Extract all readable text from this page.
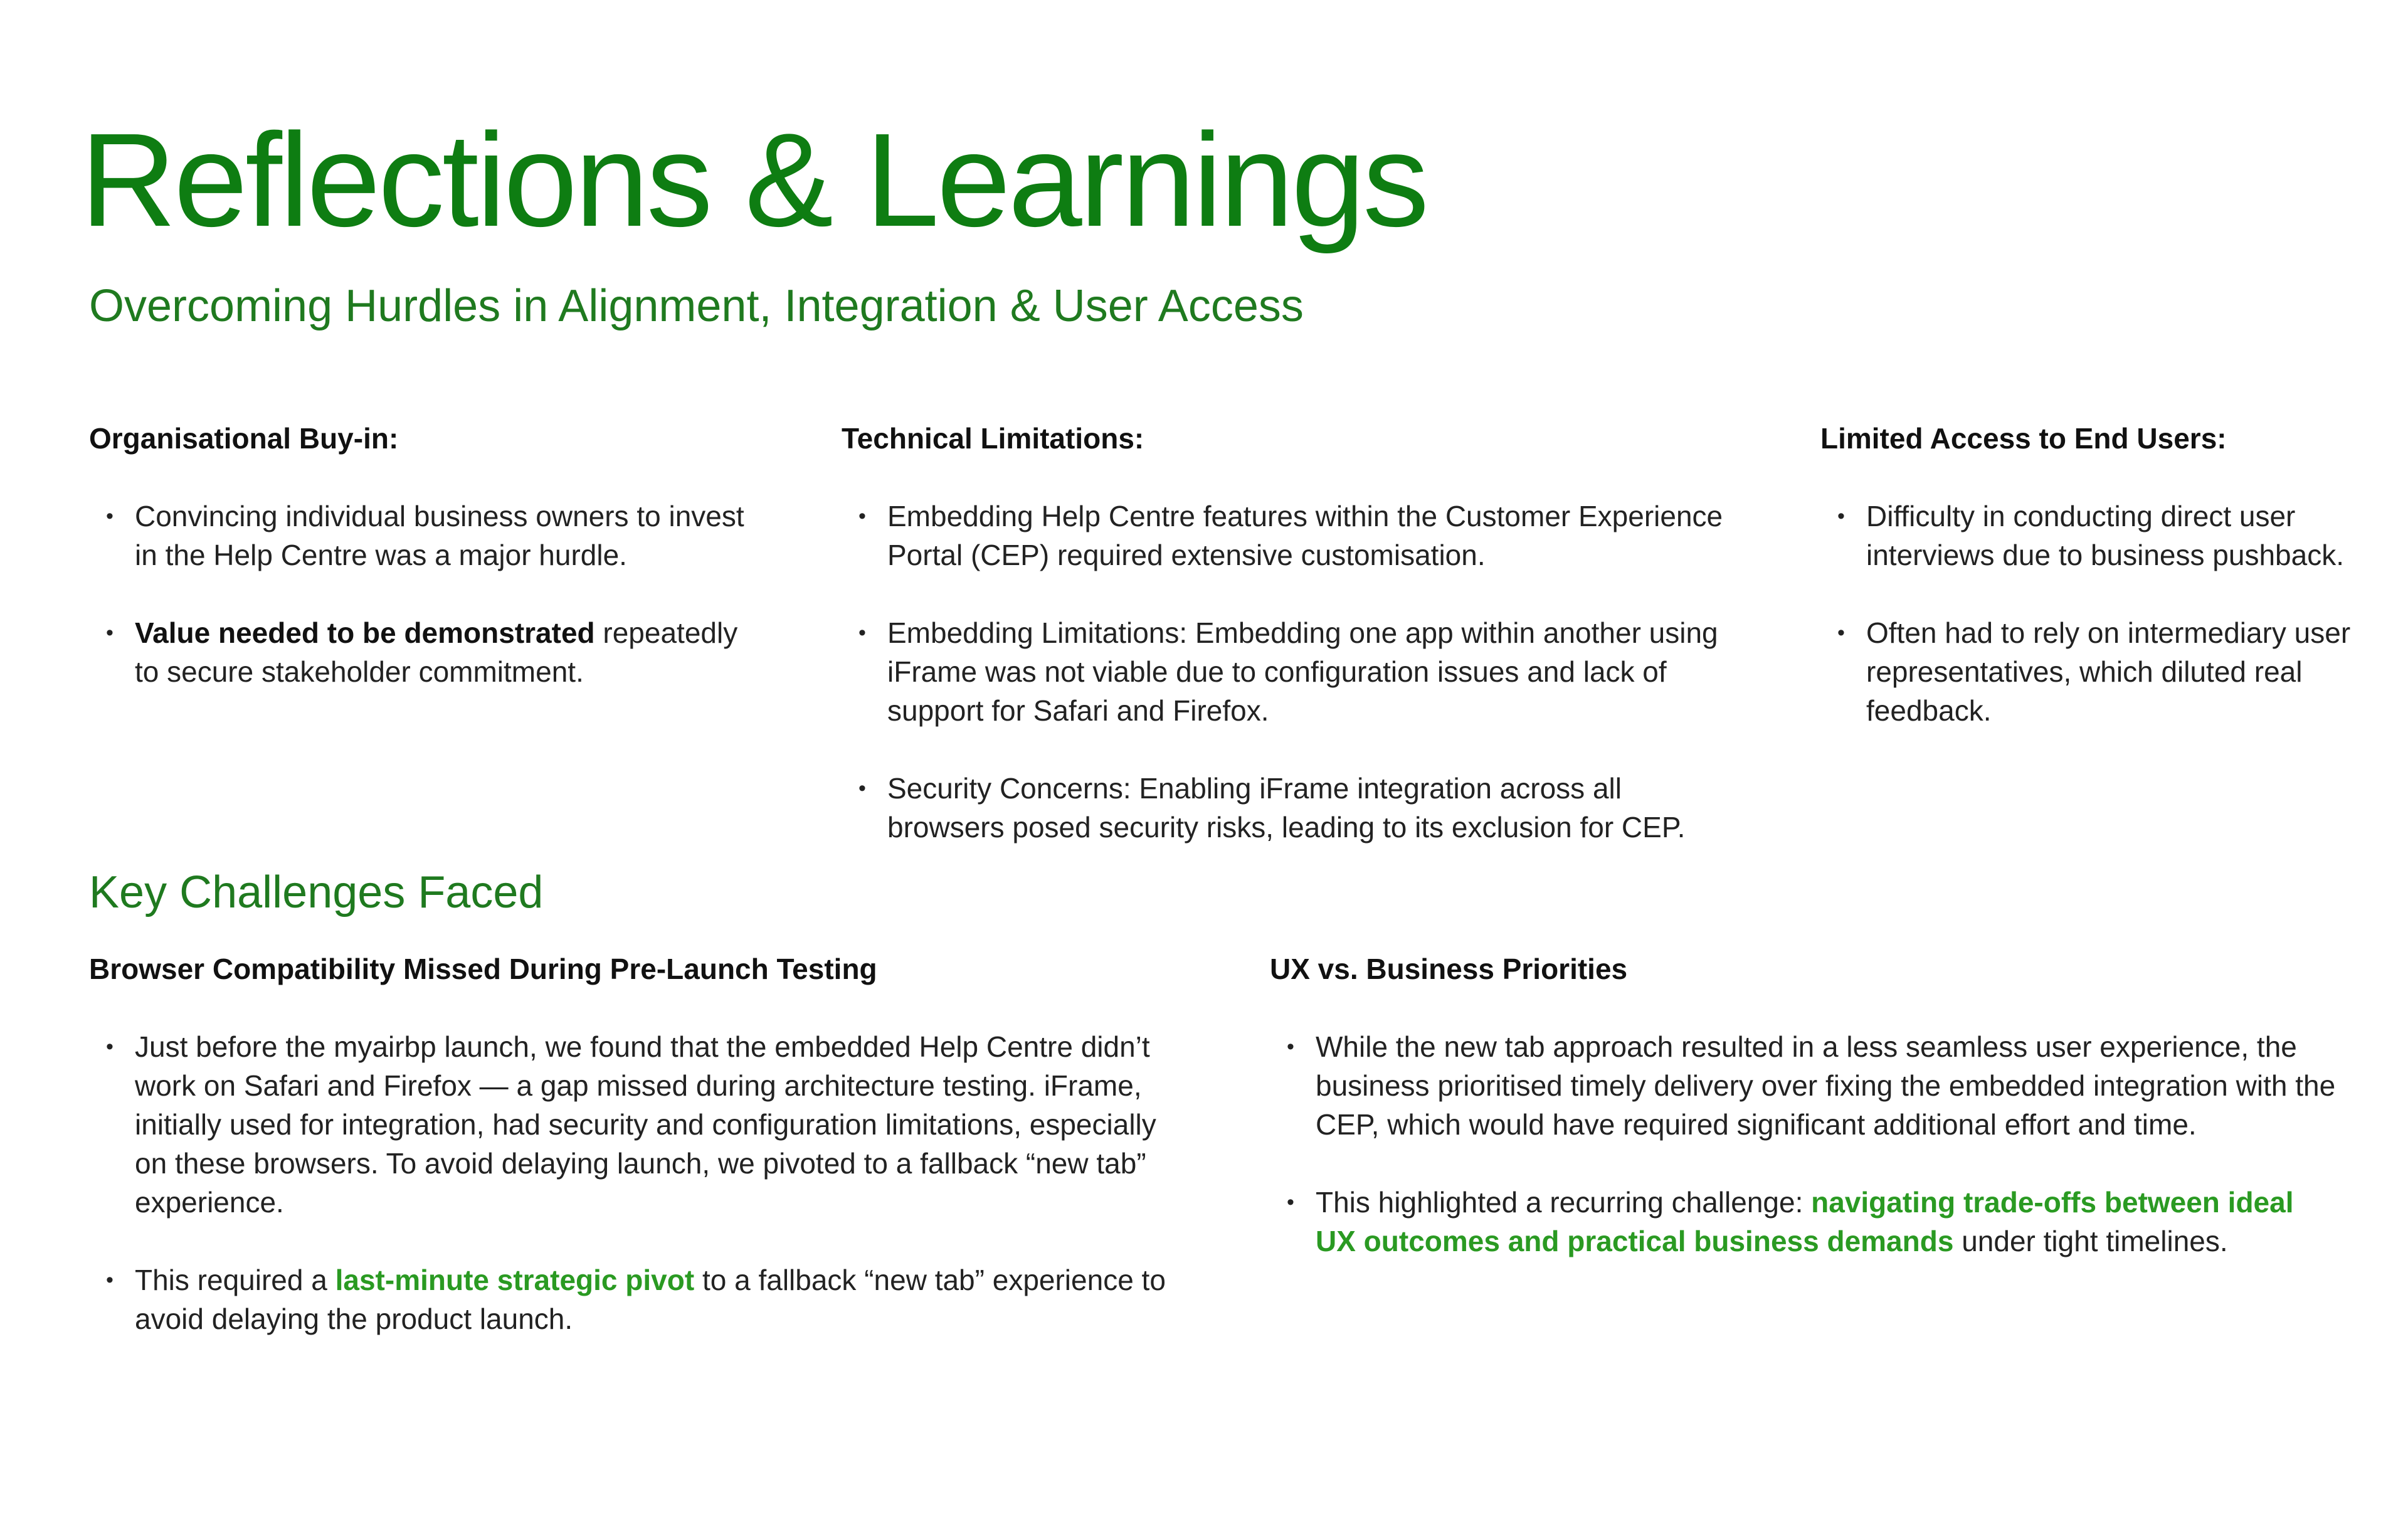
Reflections & Learnings
Overcoming Hurdles in Alignment, Integration & User Access
Organisational Buy-in:
• Convincing individual business owners to invest in the Help Centre was a major hurdle.
• Value needed to be demonstrated repeatedly to secure stakeholder commitment.
Technical Limitations:
• Embedding Help Centre features within the Customer Experience Portal (CEP) required extensive customisation.
• Embedding Limitations: Embedding one app within another using iFrame was not viable due to configuration issues and lack of support for Safari and Firefox.
• Security Concerns: Enabling iFrame integration across all browsers posed security risks, leading to its exclusion for CEP.
Limited Access to End Users:
• Difficulty in conducting direct user interviews due to business pushback.
• Often had to rely on intermediary user representatives, which diluted real feedback.
Key Challenges Faced
Browser Compatibility Missed During Pre-Launch Testing
• Just before the myairbp launch, we found that the embedded Help Centre didn’t work on Safari and Firefox — a gap missed during architecture testing. iFrame, initially used for integration, had security and configuration limitations, especially on these browsers. To avoid delaying launch, we pivoted to a fallback “new tab” experience.
• This required a last-minute strategic pivot to a fallback “new tab” experience to avoid delaying the product launch.
UX vs. Business Priorities
• While the new tab approach resulted in a less seamless user experience, the business prioritised timely delivery over fixing the embedded integration with the CEP, which would have required significant additional effort and time.
• This highlighted a recurring challenge: navigating trade-offs between ideal UX outcomes and practical business demands under tight timelines.
